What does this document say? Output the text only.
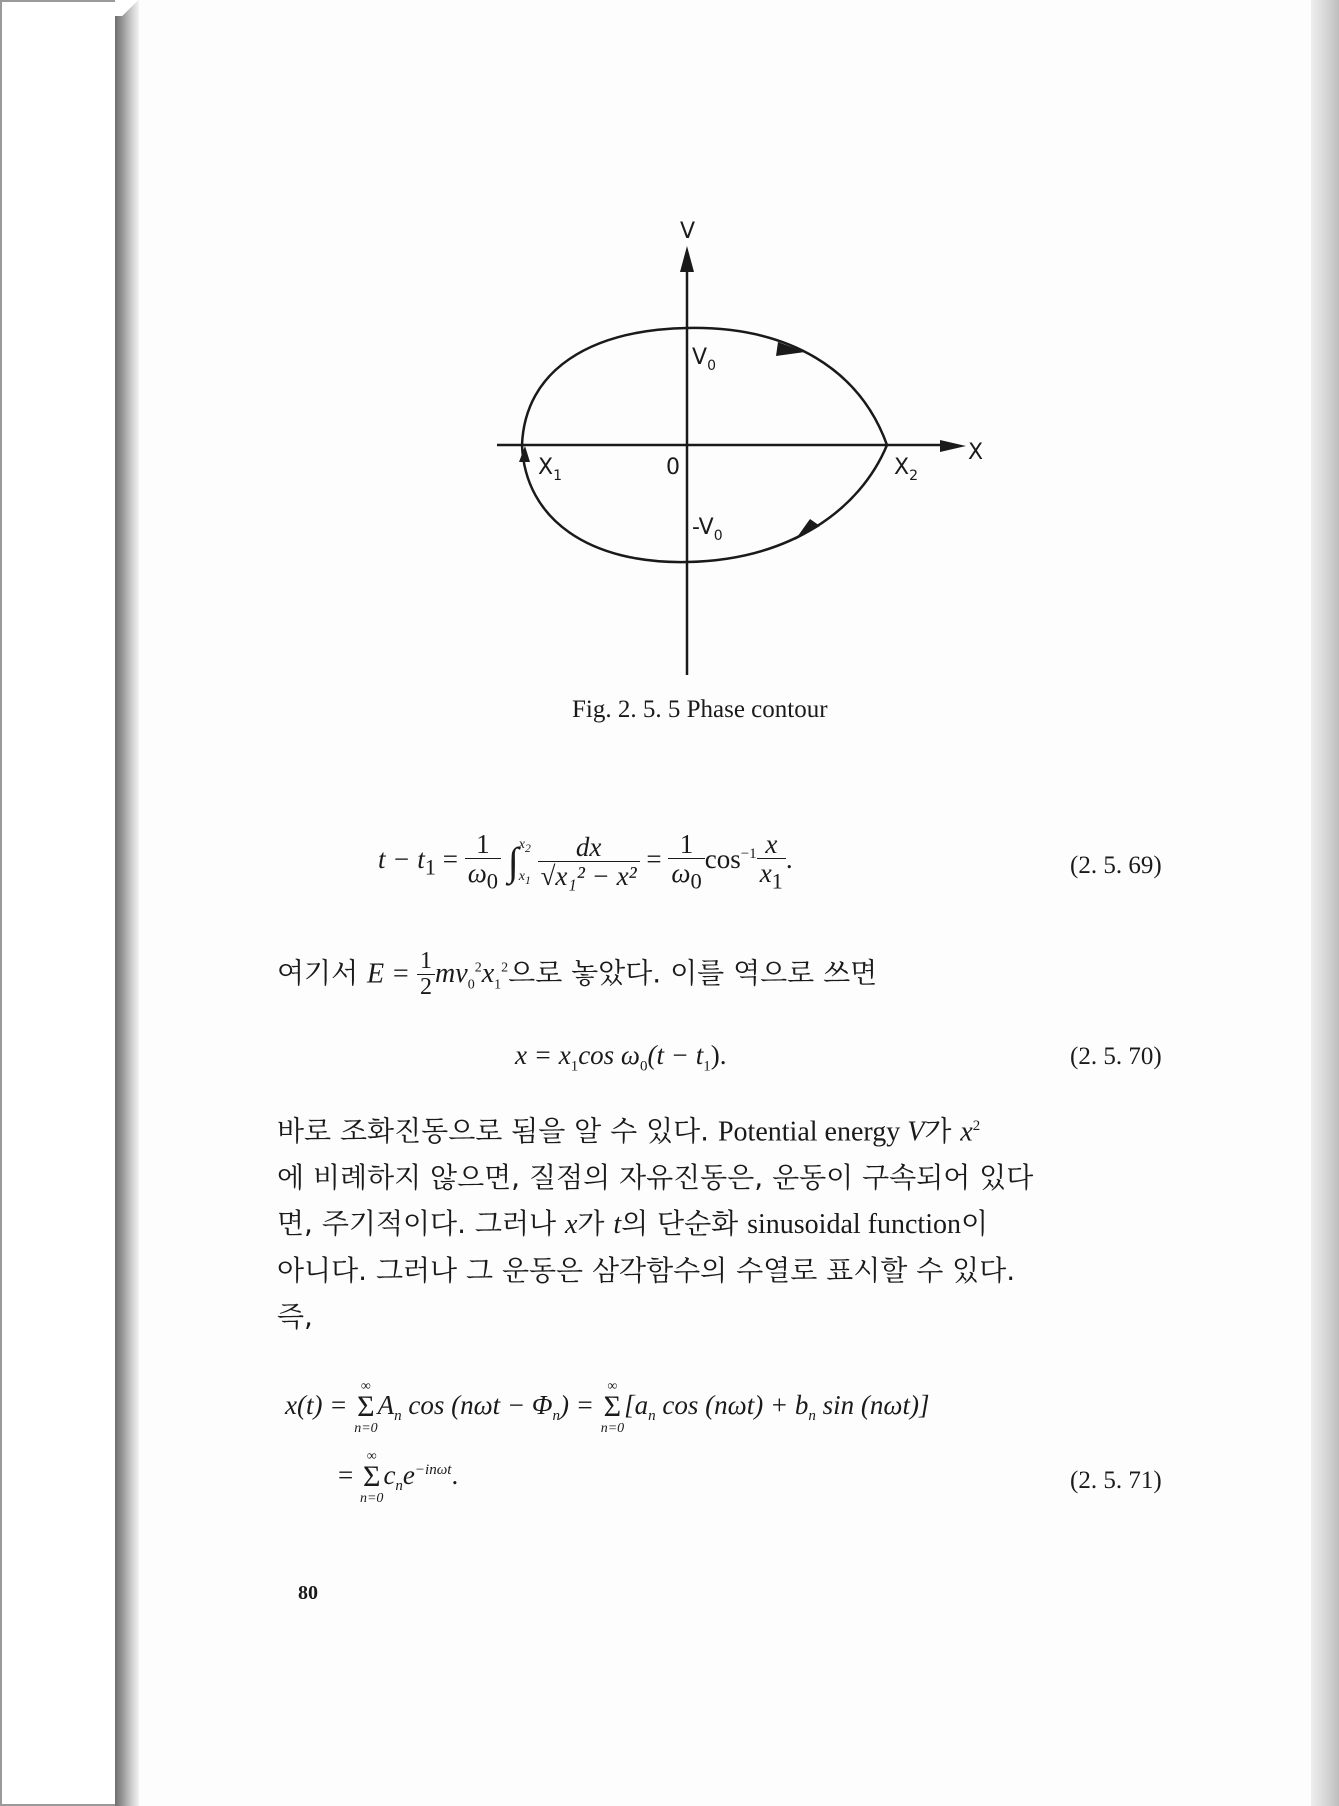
V
X
$V_0$
$-V_0$
$X_1$	$X_2$
0
Fig. 2. 5. 5 Phase contour
$t - t_1 = \frac{1}{\omega_0}$ ∫ $x_2$
$x_1$
$\frac{dx}{\text{√x₁² − x²}} = \frac{1}{\omega_0} \cos^{-1} \frac{x}{x_1}$ .	(2. 5. 69)
여기서 $E = \frac{1}{2} mv_0^2x_1^2$으로 놓았다. 이를 역으로 쓰면
$x = x_1\cos$ $\omega_0(t - t_1)$.	(2. 5. 70)
바로 조화진동으로 됨을 알 수 있다. Potential energy V가 $x^2$
에 비례하지 않으면, 질점의 자유진동은, 운동이 구속되어 있다
면, 주기적이다. 그러나 x가 t의 단순화 sinusoidal function이
아니다. 그러나 그 운동은 삼각함수의 수열로 표시할 수 있다.
즉,
x(t) = ∞
Σ
$n=0A_n$ $\cos (n\omega t - \Phi_n)$ = ∞
Σ
$n=0[a_n$ $\cos (n\omega t) + b_n$ sin (nωt)]
= ∞
Σ
$n=0c_ne^{-in\omega t}$.	(2. 5. 71)
80
